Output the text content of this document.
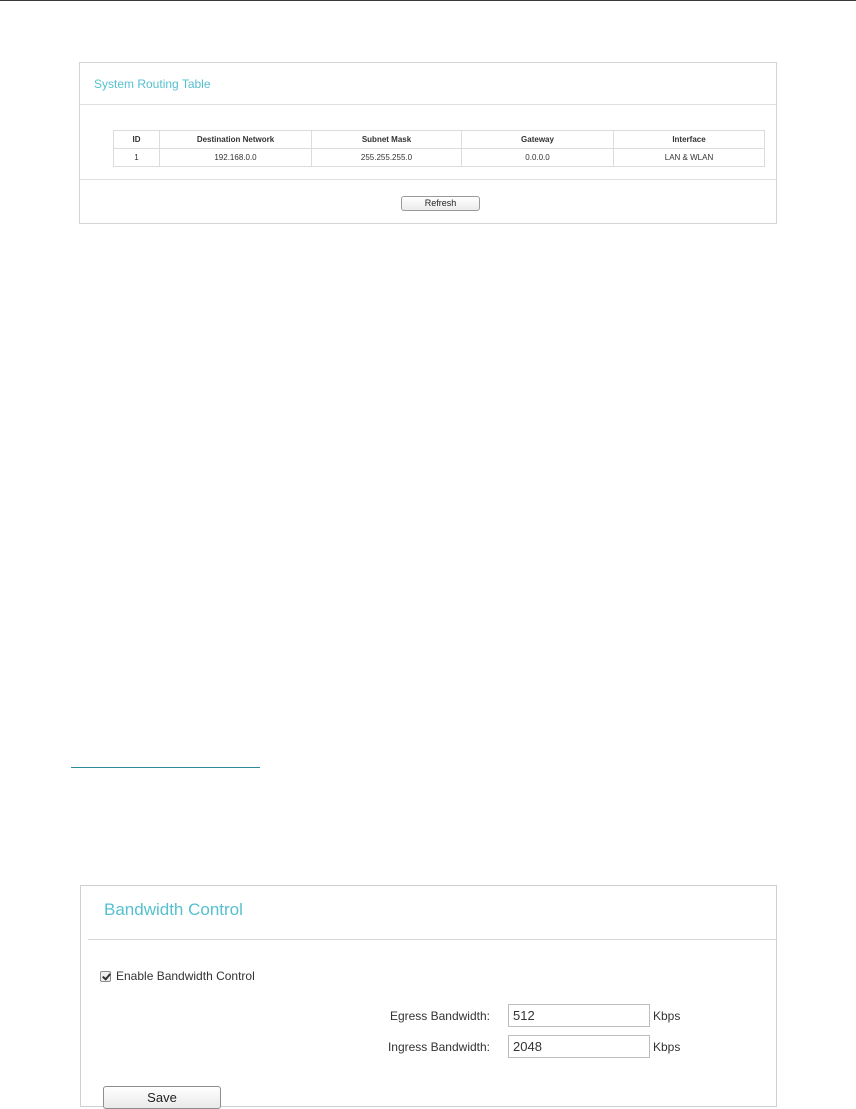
System Routing Table
ID	Destination Network	Subnet Mask	Gateway	Interface
1	192.168.0.0	255.255.255.0	0.0.0.0	LAN & WLAN
Refresh
Bandwidth Control
Enable Bandwidth Control
Egress Bandwidth:
512	Kbps
Ingress Bandwidth:
2048	Kbps
Save
